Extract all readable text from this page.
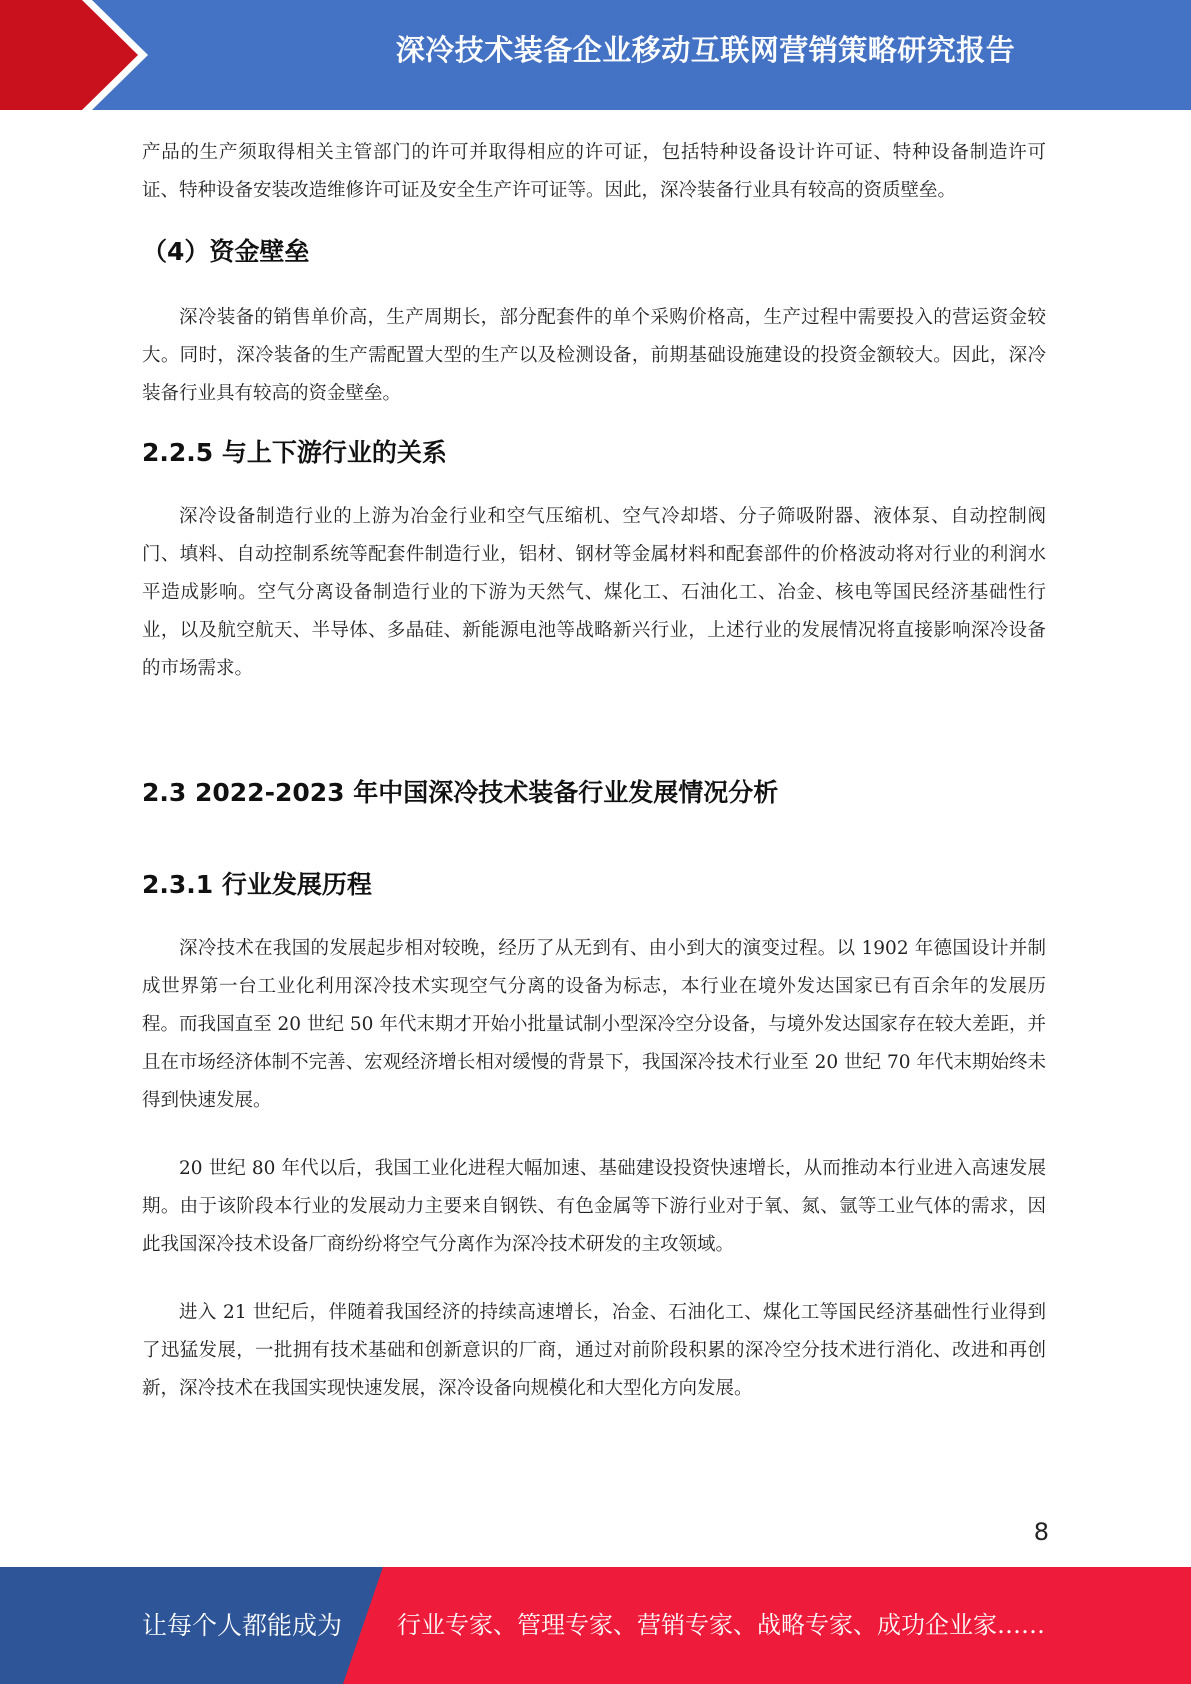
深冷技术装备企业移动互联网营销策略研究报告

产品的生产须取得相关主管部门的许可并取得相应的许可证，包括特种设备设计许可证、特种设备制造许可证、特种设备安装改造维修许可证及安全生产许可证等。因此，深冷装备行业具有较高的资质壁垒。

（4）资金壁垒

深冷装备的销售单价高，生产周期长，部分配套件的单个采购价格高，生产过程中需要投入的营运资金较大。同时，深冷装备的生产需配置大型的生产以及检测设备，前期基础设施建设的投资金额较大。因此，深冷装备行业具有较高的资金壁垒。

2.2.5 与上下游行业的关系

深冷设备制造行业的上游为冶金行业和空气压缩机、空气冷却塔、分子筛吸附器、液体泵、自动控制阀门、填料、自动控制系统等配套件制造行业，铝材、钢材等金属材料和配套部件的价格波动将对行业的利润水平造成影响。空气分离设备制造行业的下游为天然气、煤化工、石油化工、冶金、核电等国民经济基础性行业，以及航空航天、半导体、多晶硅、新能源电池等战略新兴行业，上述行业的发展情况将直接影响深冷设备的市场需求。

2.3 2022-2023 年中国深冷技术装备行业发展情况分析
2.3.1 行业发展历程

深冷技术在我国的发展起步相对较晚，经历了从无到有、由小到大的演变过程。以 1902 年德国设计并制成世界第一台工业化利用深冷技术实现空气分离的设备为标志，本行业在境外发达国家已有百余年的发展历程。而我国直至 20 世纪 50 年代末期才开始小批量试制小型深冷空分设备，与境外发达国家存在较大差距，并且在市场经济体制不完善、宏观经济增长相对缓慢的背景下，我国深冷技术行业至 20 世纪 70 年代末期始终未得到快速发展。

20 世纪 80 年代以后，我国工业化进程大幅加速、基础建设投资快速增长，从而推动本行业进入高速发展期。由于该阶段本行业的发展动力主要来自钢铁、有色金属等下游行业对于氧、氮、氩等工业气体的需求，因此我国深冷技术设备厂商纷纷将空气分离作为深冷技术研发的主攻领域。

进入 21 世纪后，伴随着我国经济的持续高速增长，冶金、石油化工、煤化工等国民经济基础性行业得到了迅猛发展，一批拥有技术基础和创新意识的厂商，通过对前阶段积累的深冷空分技术进行消化、改进和再创新，深冷技术在我国实现快速发展，深冷设备向规模化和大型化方向发展。

8
让每个人都能成为 行业专家、管理专家、营销专家、战略专家、成功企业家……
